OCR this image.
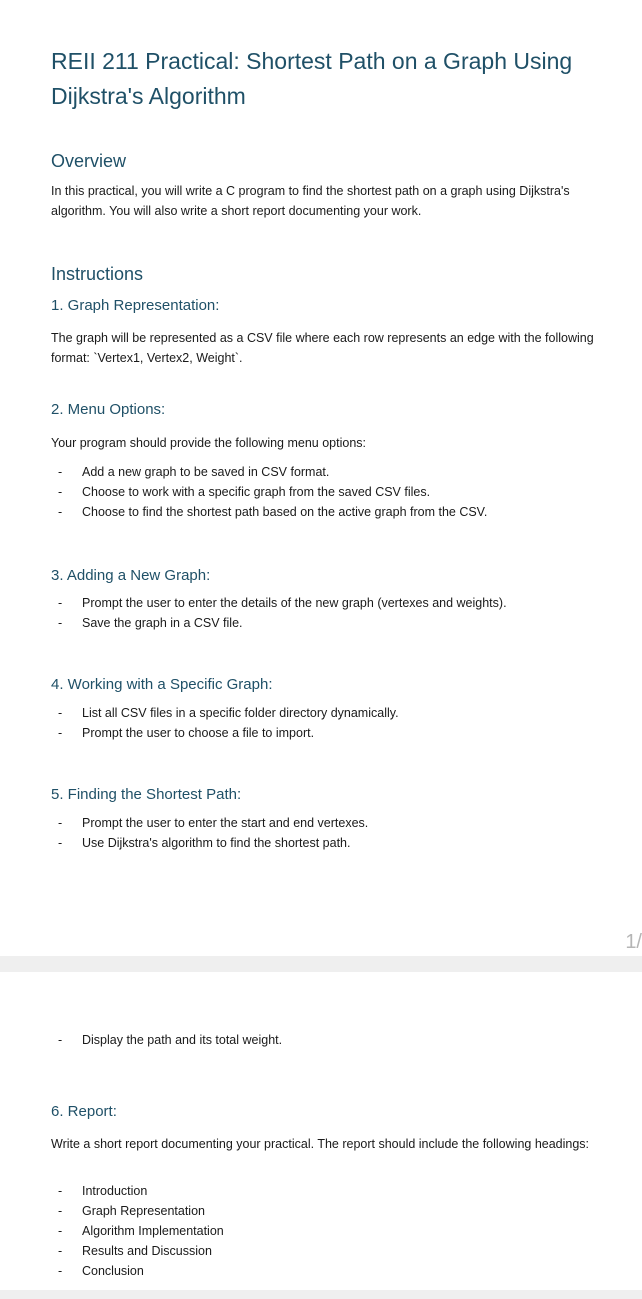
REII 211 Practical: Shortest Path on a Graph Using Dijkstra's Algorithm
Overview

In this practical, you will write a C program to find the shortest path on a graph using Dijkstra's algorithm. You will also write a short report documenting your work.

Instructions
1. Graph Representation:

The graph will be represented as a CSV file where each row represents an edge with the following format: `Vertex1, Vertex2, Weight`.

2. Menu Options:

Your program should provide the following menu options:

- Add a new graph to be saved in CSV format.
- Choose to work with a specific graph from the saved CSV files.
- Choose to find the shortest path based on the active graph from the CSV.
3. Adding a New Graph:
- Prompt the user to enter the details of the new graph (vertexes and weights).
- Save the graph in a CSV file.
4. Working with a Specific Graph:
- List all CSV files in a specific folder directory dynamically.
- Prompt the user to choose a file to import.
5. Finding the Shortest Path:
- Prompt the user to enter the start and end vertexes.
- Use Dijkstra's algorithm to find the shortest path.
1/
- Display the path and its total weight.
6. Report:

Write a short report documenting your practical. The report should include the following headings:

- Introduction
- Graph Representation
- Algorithm Implementation
- Results and Discussion
- Conclusion
